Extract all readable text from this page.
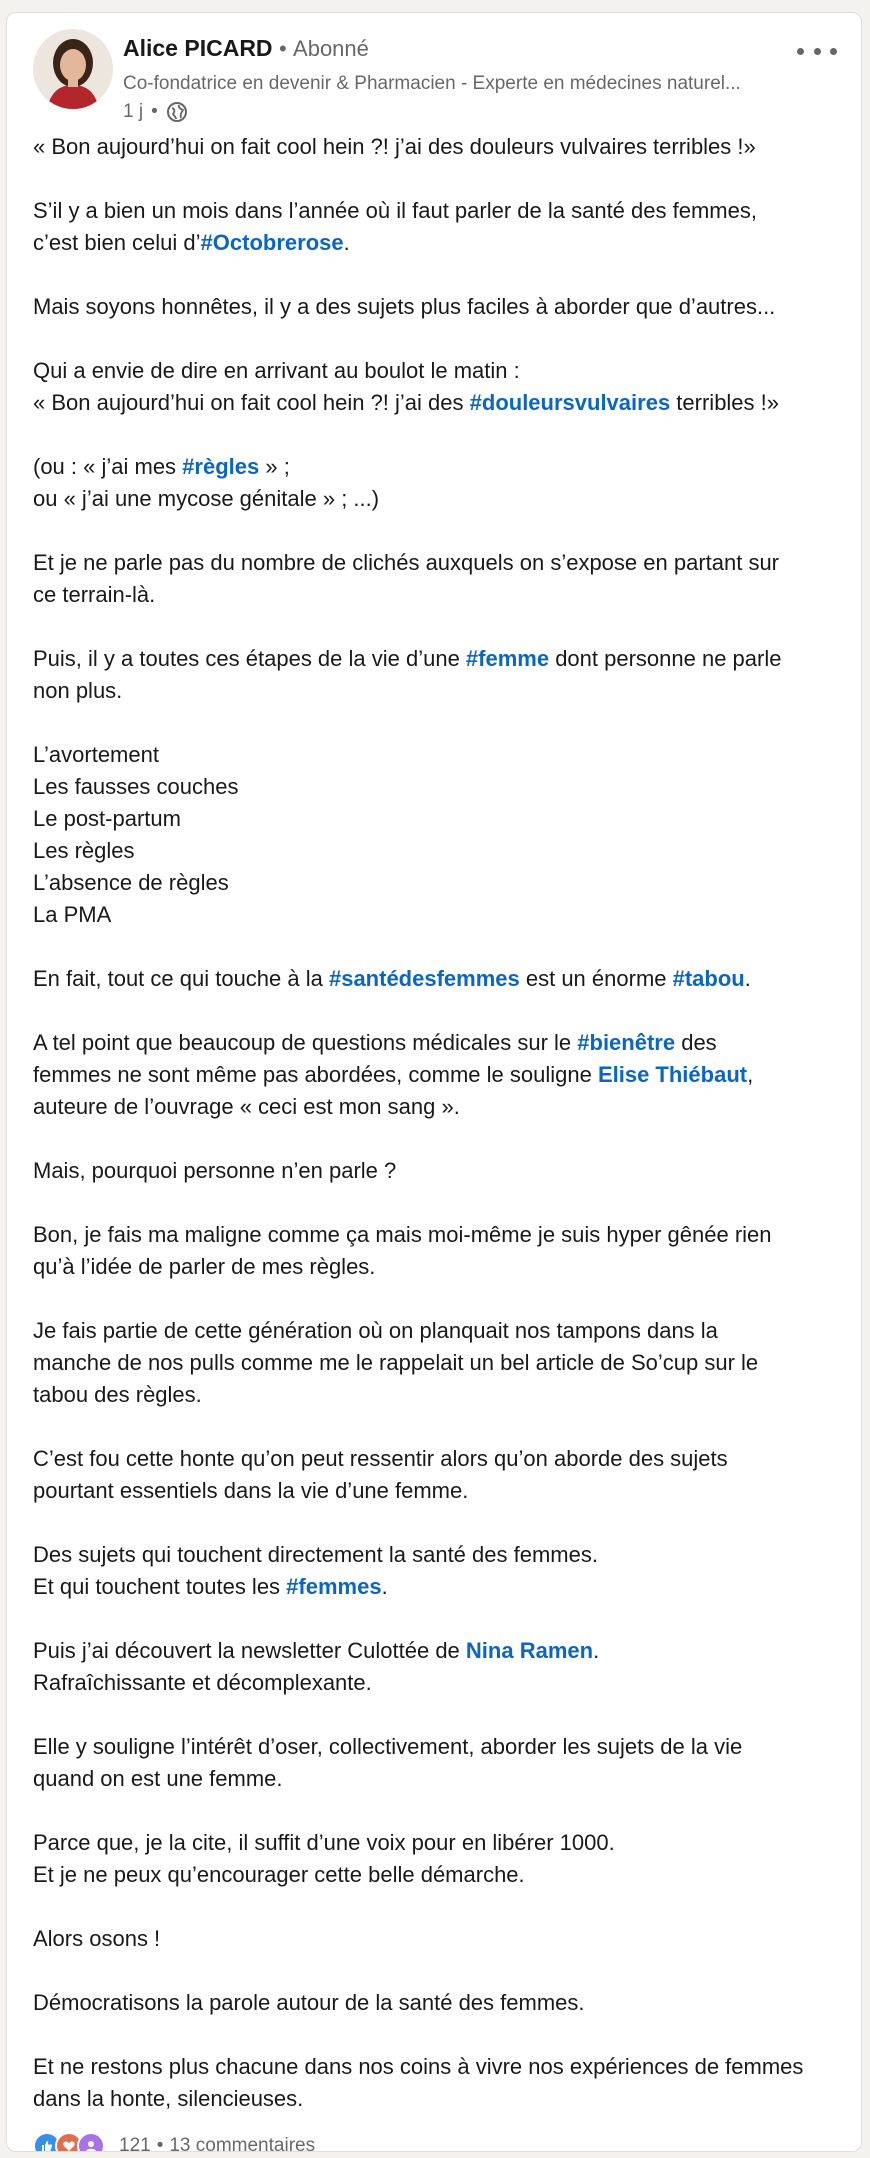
Alice PICARD • Abonné
Co-fondatrice en devenir & Pharmacien - Experte en médecines naturel...
1 j •
« Bon aujourd’hui on fait cool hein ?! j’ai des douleurs vulvaires terribles !»
S’il y a bien un mois dans l’année où il faut parler de la santé des femmes,
c’est bien celui d’#Octobrerose.
Mais soyons honnêtes, il y a des sujets plus faciles à aborder que d’autres...
Qui a envie de dire en arrivant au boulot le matin :
« Bon aujourd’hui on fait cool hein ?! j’ai des #douleursvulvaires terribles !»
(ou : « j’ai mes #règles » ;
ou « j’ai une mycose génitale » ; ...)
Et je ne parle pas du nombre de clichés auxquels on s’expose en partant sur
ce terrain-là.
Puis, il y a toutes ces étapes de la vie d’une #femme dont personne ne parle
non plus.
L’avortement
Les fausses couches
Le post-partum
Les règles
L’absence de règles
La PMA
En fait, tout ce qui touche à la #santédesfemmes est un énorme #tabou.
A tel point que beaucoup de questions médicales sur le #bienêtre des
femmes ne sont même pas abordées, comme le souligne Elise Thiébaut,
auteure de l’ouvrage « ceci est mon sang ».
Mais, pourquoi personne n’en parle ?
Bon, je fais ma maligne comme ça mais moi-même je suis hyper gênée rien
qu’à l’idée de parler de mes règles.
Je fais partie de cette génération où on planquait nos tampons dans la
manche de nos pulls comme me le rappelait un bel article de So’cup sur le
tabou des règles.
C’est fou cette honte qu’on peut ressentir alors qu’on aborde des sujets
pourtant essentiels dans la vie d’une femme.
Des sujets qui touchent directement la santé des femmes.
Et qui touchent toutes les #femmes.
Puis j’ai découvert la newsletter Culottée de Nina Ramen.
Rafraîchissante et décomplexante.
Elle y souligne l’intérêt d’oser, collectivement, aborder les sujets de la vie
quand on est une femme.
Parce que, je la cite, il suffit d’une voix pour en libérer 1000.
Et je ne peux qu’encourager cette belle démarche.
Alors osons !
Démocratisons la parole autour de la santé des femmes.
Et ne restons plus chacune dans nos coins à vivre nos expériences de femmes
dans la honte, silencieuses.
121 • 13 commentaires
